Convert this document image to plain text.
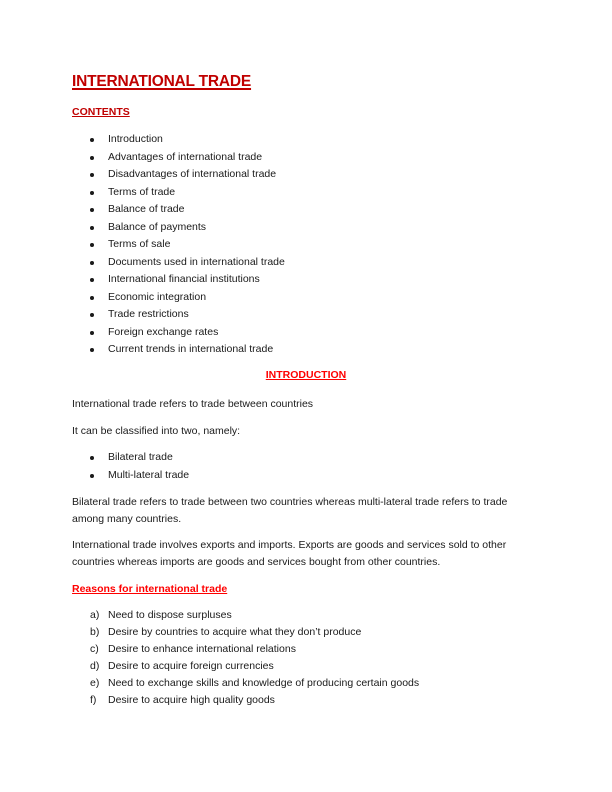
INTERNATIONAL TRADE
CONTENTS
Introduction
Advantages of international trade
Disadvantages of international trade
Terms of trade
Balance of trade
Balance of payments
Terms of sale
Documents used in international trade
International financial institutions
Economic integration
Trade restrictions
Foreign exchange rates
Current trends in international trade
INTRODUCTION

International trade refers to trade between countries

It can be classified into two, namely:

Bilateral trade
Multi-lateral trade

Bilateral trade refers to trade between two countries whereas multi-lateral trade refers to trade among many countries.

International trade involves exports and imports. Exports are goods and services sold to other countries whereas imports are goods and services bought from other countries.

Reasons for international trade
a) Need to dispose surpluses
b) Desire by countries to acquire what they don’t produce
c) Desire to enhance international relations
d) Desire to acquire foreign currencies
e) Need to exchange skills and knowledge of producing certain goods
f) Desire to acquire high quality goods
